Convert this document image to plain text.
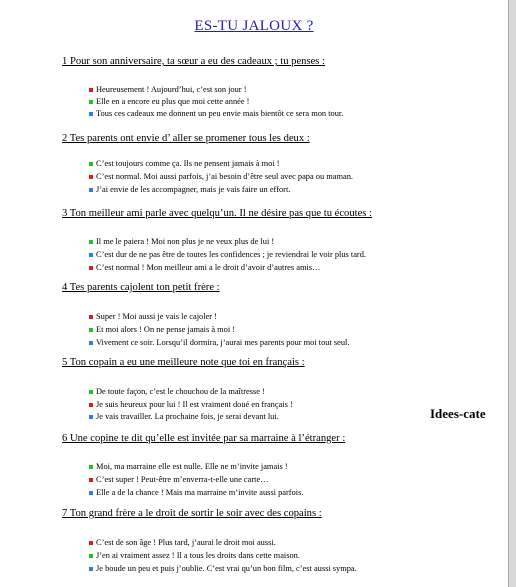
ES-TU JALOUX ?
1 Pour son anniversaire, ta sœur a eu des cadeaux ; tu penses :
Heureusement ! Aujourd’hui, c’est son jour !
Elle en a encore eu plus que moi cette année !
Tous ces cadeaux me donnent un peu envie mais bientôt ce sera mon tour.
2 Tes parents ont envie d’ aller se promener tous les deux :
C’est toujours comme ça. Ils ne pensent jamais à moi !
C’est normal. Moi aussi parfois, j’ai besoin d’être seul avec papa ou maman.
J’ai envie de les accompagner, mais je vais faire un effort.
3 Ton meilleur ami parle avec quelqu’un. Il ne désire pas que tu écoutes :
Il me le paiera ! Moi non plus je ne veux plus de lui !
C’est dur de ne pas être de toutes les confidences ; je reviendrai le voir plus tard.
C’est normal ! Mon meilleur ami a le droit d’avoir d’autres amis…
4 Tes parents cajolent ton petit frère :
Super ! Moi aussi je vais le cajoler !
Et moi alors ! On ne pense jamais à moi !
Vivement ce soir. Lorsqu’il dormira, j’aurai mes parents pour moi tout seul.
5 Ton copain a eu une meilleure note que toi en français :
De toute façon, c’est le chouchou de la maîtresse !
Je suis heureux pour lui ! Il est vraiment doué en français !
Je vais travailler. La prochaine fois, je serai devant lui.
6 Une copine te dit qu’elle est invitée par sa marraine à l’étranger :
Moi, ma marraine elle est nulle. Elle ne m’invite jamais !
C’est super ! Peut-être m’enverra-t-elle une carte…
Elle a de la chance ! Mais ma marraine m’invite aussi parfois.
7 Ton grand frère a le droit de sortir le soir avec des copains :
C’est de son âge ! Plus tard, j’aurai le droit moi aussi.
J’en ai vraiment assez ! Il a tous les droits dans cette maison.
Je boude un peu et puis j’oublie. C’est vrai qu’un bon film, c’est aussi sympa.
Idees-cate
